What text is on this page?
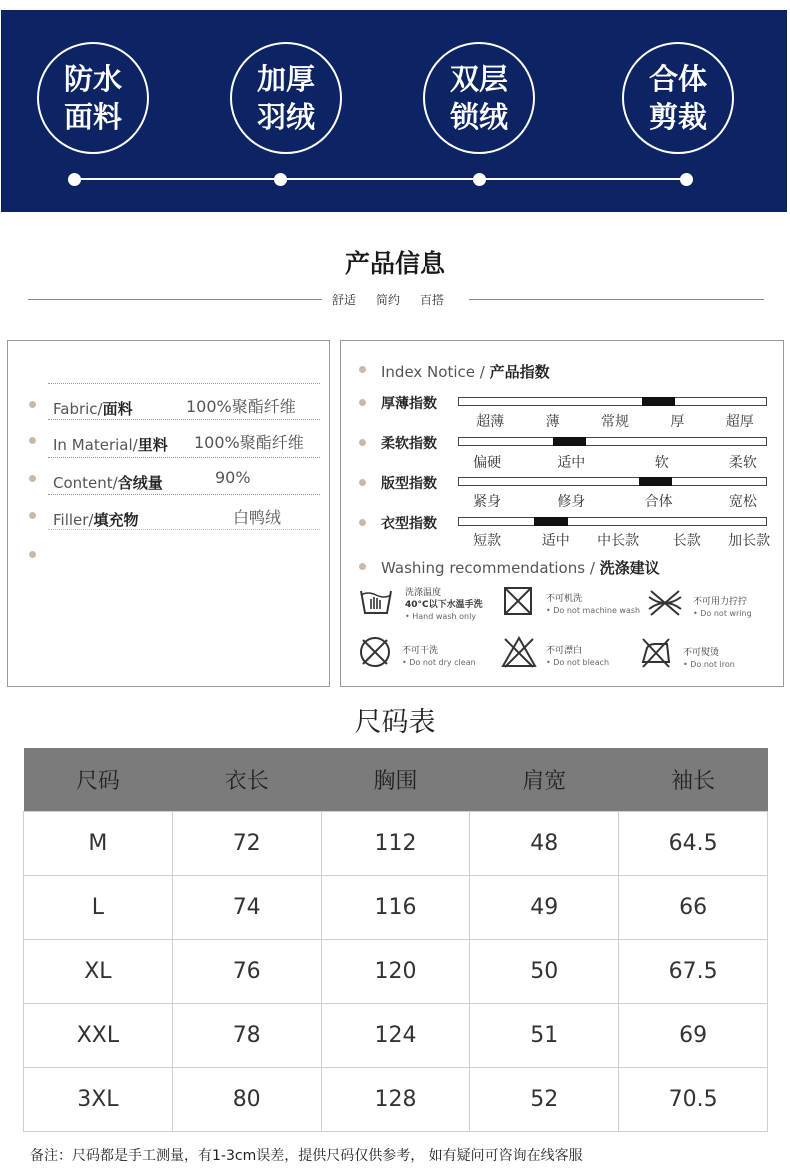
防水
面料
加厚
羽绒
双层
锁绒
合体
剪裁
产品信息
舒适 简约 百搭
Fabric/面料	100%聚酯纤维
In Material/里料 100%聚酯纤维
Content/含绒量	90%
Filler/填充物	白鸭绒
Index Notice / 产品指数
厚薄指数
超薄	薄	常规	厚	超厚
柔软指数
偏硬	适中	软	柔软
版型指数
紧身	修身	合体	宽松
衣型指数
短款	适中 中长款 长款 加长款
Washing recommendations / 洗涤建议
洗涤温度
40°C以下水温手洗
• Hand wash only
不可机洗
• Do not machine wash
不可用力拧拧
• Do not wring
不可干洗
• Do not dry clean
不可漂白
• Do not bleach
不可熨烫
• Do not iron
尺码表
尺码	衣长	胸围	肩宽	袖长
M	72	112	48	64.5
L	74	116	49	66
XL	76	120	50	67.5
XXL	78	124	51	69
3XL	80	128	52	70.5
备注：尺码都是手工测量，有1-3cm误差，提供尺码仅供参考， 如有疑问可咨询在线客服
